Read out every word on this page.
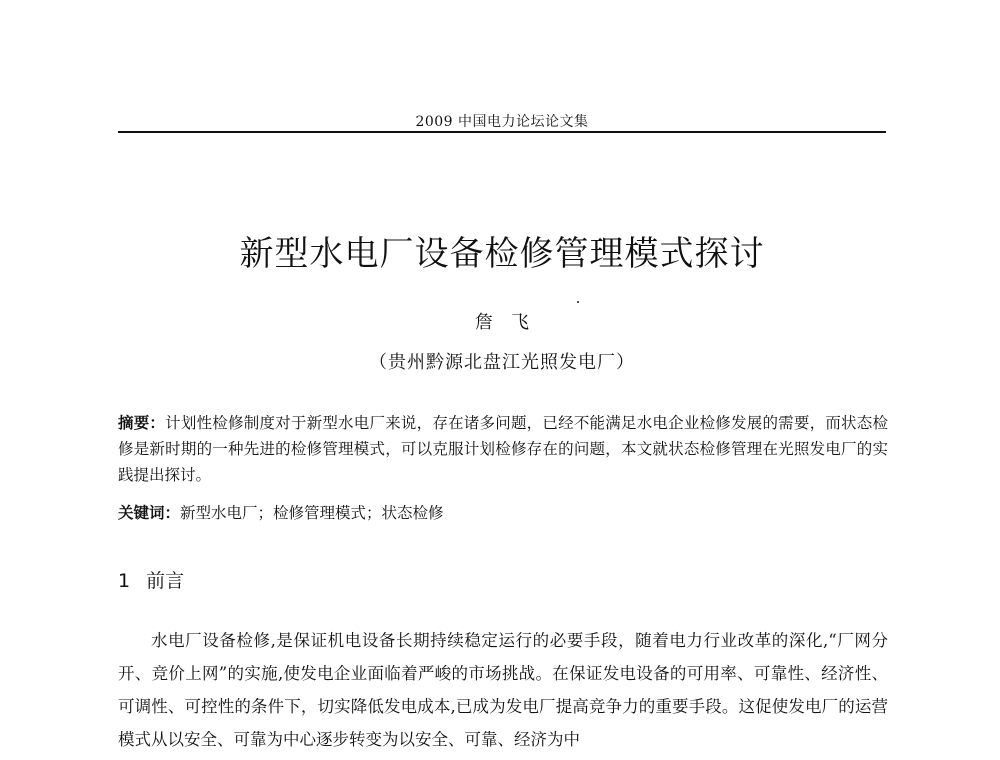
2009 中国电力论坛论文集
新型水电厂设备检修管理模式探讨
詹飞
（贵州黔源北盘江光照发电厂）

摘要：计划性检修制度对于新型水电厂来说，存在诸多问题，已经不能满足水电企业检修发展的需要，而状态检修是新时期的一种先进的检修管理模式，可以克服计划检修存在的问题，本文就状态检修管理在光照发电厂的实践提出探讨。

关键词：新型水电厂；检修管理模式；状态检修

1 前言

水电厂设备检修,是保证机电设备长期持续稳定运行的必要手段，随着电力行业改革的深化,“厂网分开、竞价上网”的实施,使发电企业面临着严峻的市场挑战。在保证发电设备的可用率、可靠性、经济性、可调性、可控性的条件下，切实降低发电成本,已成为发电厂提高竞争力的重要手段。这促使发电厂的运营模式从以安全、可靠为中心逐步转变为以安全、可靠、经济为中
